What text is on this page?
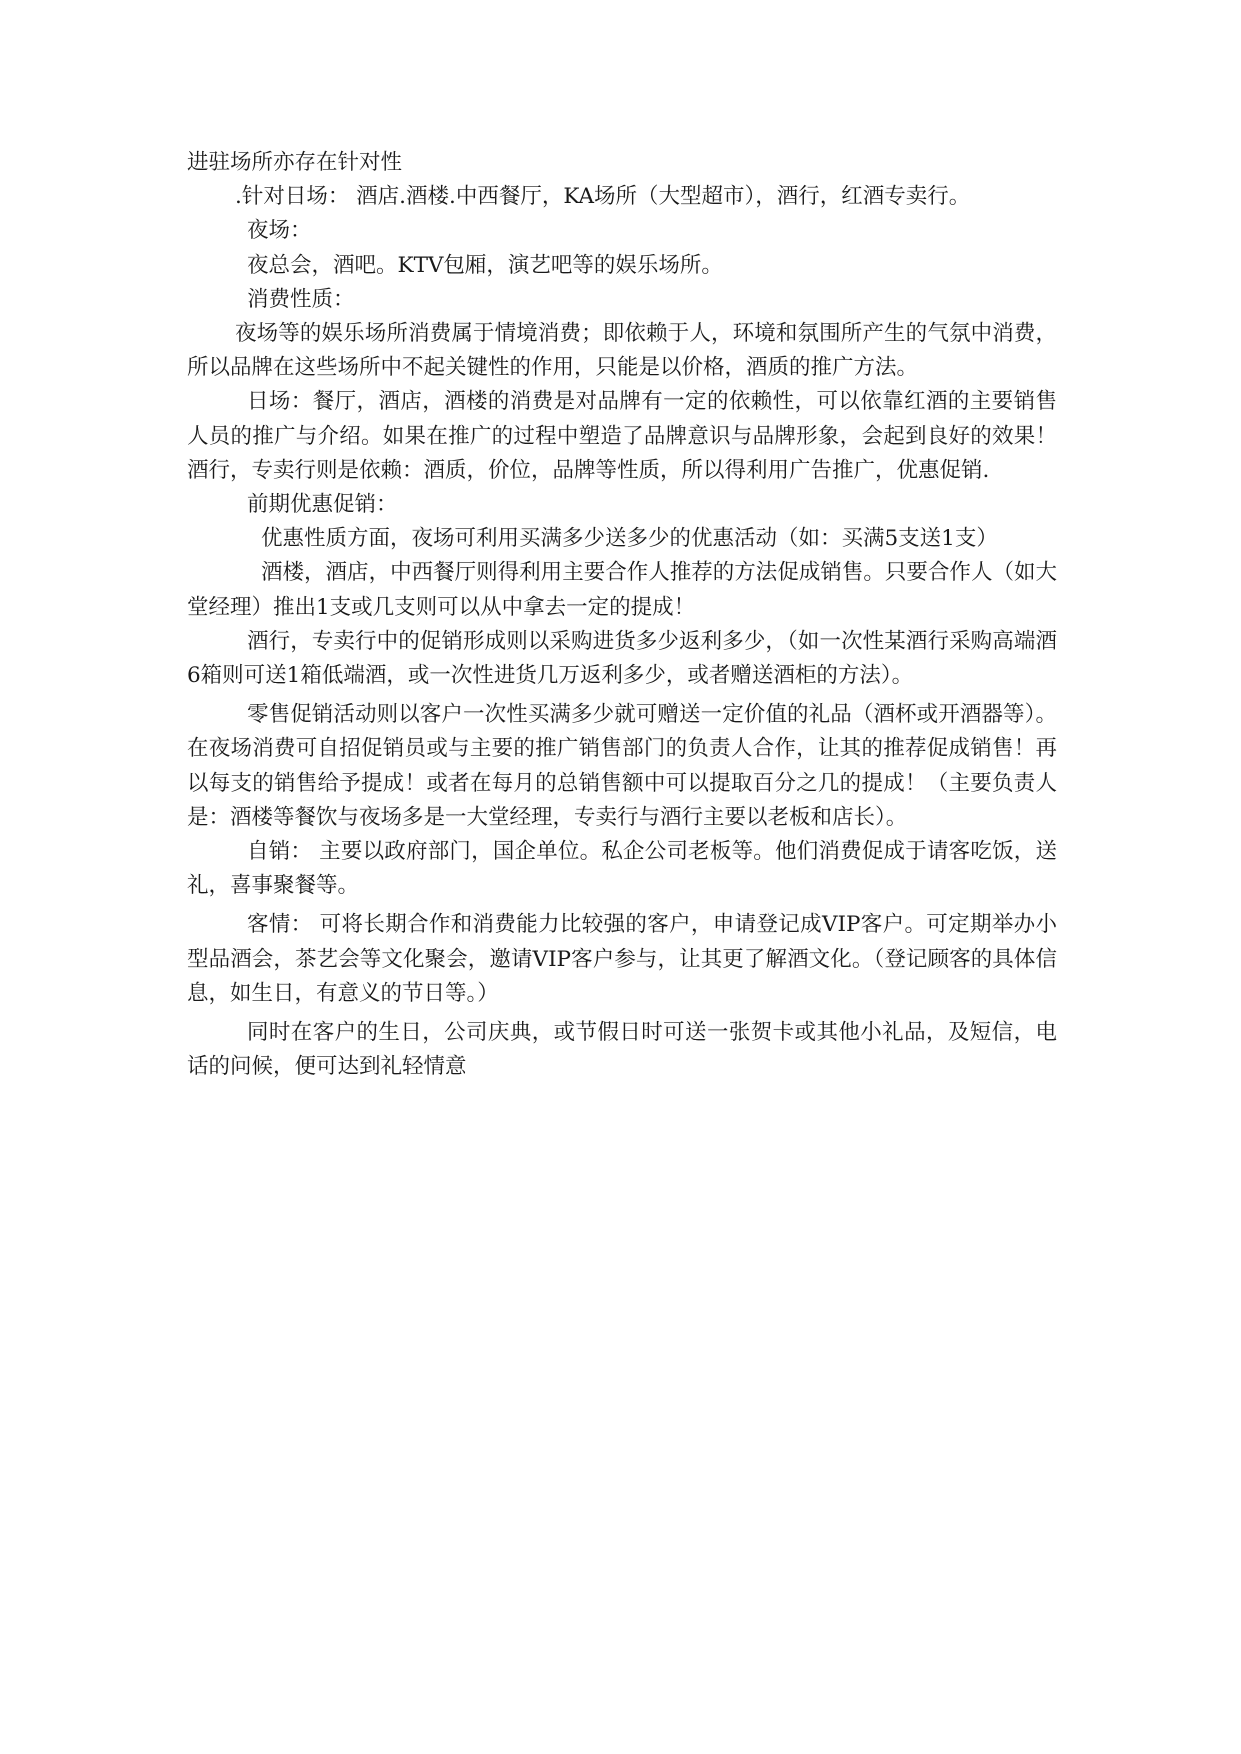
进驻场所亦存在针对性

.针对日场： 酒店.酒楼.中西餐厅，KA场所（大型超市），酒行，红酒专卖行。

夜场：

夜总会，酒吧。KTV包厢，演艺吧等的娱乐场所。

消费性质：

夜场等的娱乐场所消费属于情境消费；即依赖于人，环境和氛围所产生的气氛中消费，所以品牌在这些场所中不起关键性的作用，只能是以价格，酒质的推广方法。

日场：餐厅，酒店，酒楼的消费是对品牌有一定的依赖性，可以依靠红酒的主要销售人员的推广与介绍。如果在推广的过程中塑造了品牌意识与品牌形象，会起到良好的效果！ 酒行，专卖行则是依赖：酒质，价位，品牌等性质，所以得利用广告推广，优惠促销.

前期优惠促销：

优惠性质方面，夜场可利用买满多少送多少的优惠活动（如：买满5支送1支）

酒楼，酒店，中西餐厅则得利用主要合作人推荐的方法促成销售。只要合作人（如大堂经理）推出1支或几支则可以从中拿去一定的提成！

酒行，专卖行中的促销形成则以采购进货多少返利多少，（如一次性某酒行采购高端酒6箱则可送1箱低端酒，或一次性进货几万返利多少，或者赠送酒柜的方法）。

零售促销活动则以客户一次性买满多少就可赠送一定价值的礼品（酒杯或开酒器等）。 在夜场消费可自招促销员或与主要的推广销售部门的负责人合作，让其的推荐促成销售！再以每支的销售给予提成！或者在每月的总销售额中可以提取百分之几的提成！（主要负责人是：酒楼等餐饮与夜场多是一大堂经理，专卖行与酒行主要以老板和店长）。

自销： 主要以政府部门，国企单位。私企公司老板等。他们消费促成于请客吃饭，送礼，喜事聚餐等。

客情： 可将长期合作和消费能力比较强的客户，申请登记成VIP客户。可定期举办小型品酒会，茶艺会等文化聚会，邀请VIP客户参与，让其更了解酒文化。（登记顾客的具体信息，如生日，有意义的节日等。）

同时在客户的生日，公司庆典，或节假日时可送一张贺卡或其他小礼品，及短信，电话的问候，便可达到礼轻情意
